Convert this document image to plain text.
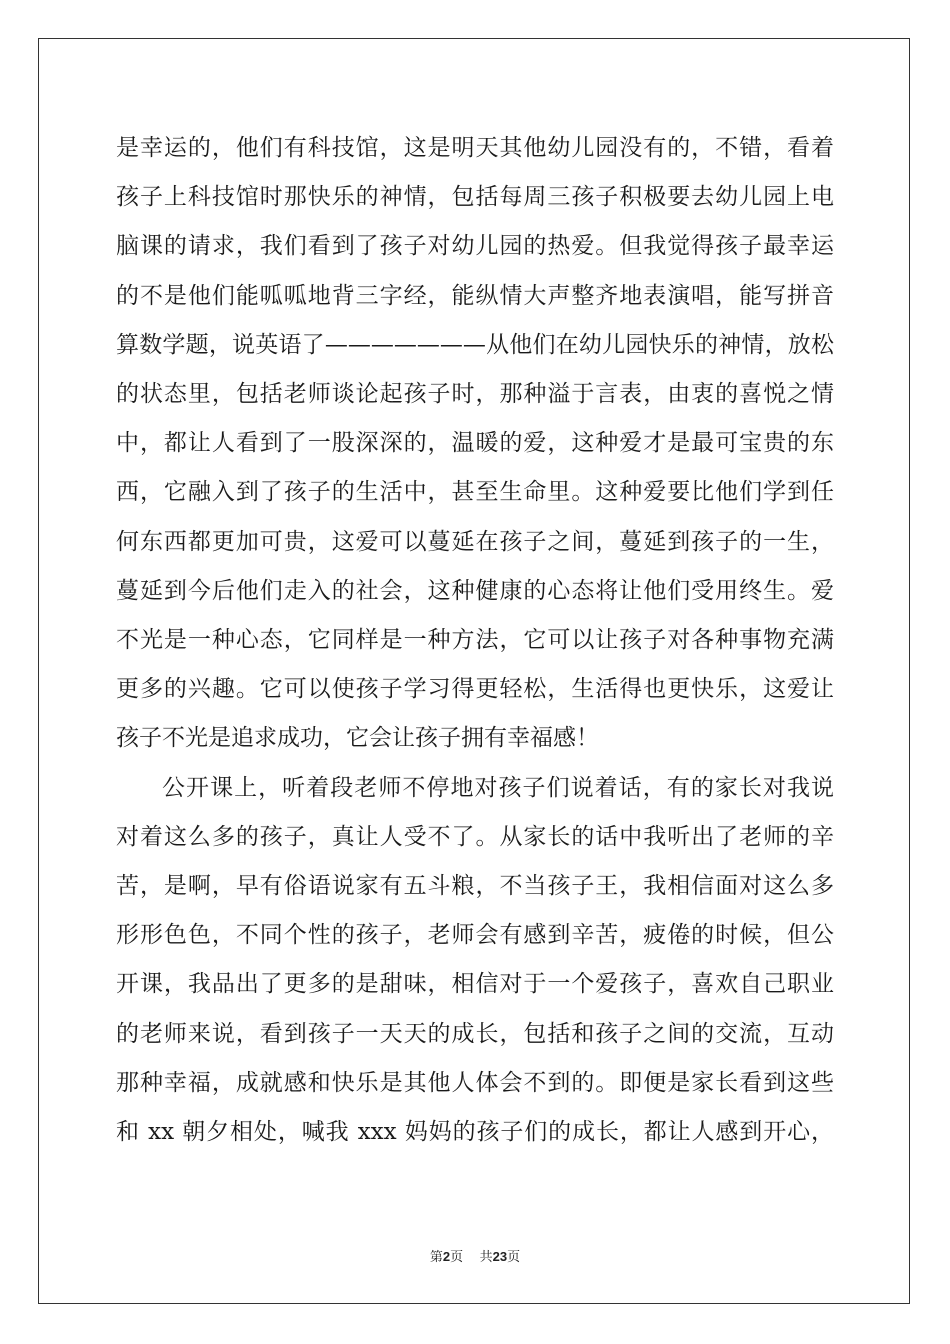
是幸运的，他们有科技馆，这是明天其他幼儿园没有的，不错，看着
孩子上科技馆时那快乐的神情，包括每周三孩子积极要去幼儿园上电
脑课的请求，我们看到了孩子对幼儿园的热爱。但我觉得孩子最幸运
的不是他们能呱呱地背三字经，能纵情大声整齐地表演唱，能写拼音
算数学题，说英语了———————从他们在幼儿园快乐的神情，放松
的状态里，包括老师谈论起孩子时，那种溢于言表，由衷的喜悦之情
中，都让人看到了一股深深的，温暖的爱，这种爱才是最可宝贵的东
西，它融入到了孩子的生活中，甚至生命里。这种爱要比他们学到任
何东西都更加可贵，这爱可以蔓延在孩子之间，蔓延到孩子的一生，
蔓延到今后他们走入的社会，这种健康的心态将让他们受用终生。爱
不光是一种心态，它同样是一种方法，它可以让孩子对各种事物充满
更多的兴趣。它可以使孩子学习得更轻松，生活得也更快乐，这爱让
孩子不光是追求成功，它会让孩子拥有幸福感！
公开课上，听着段老师不停地对孩子们说着话，有的家长对我说
对着这么多的孩子，真让人受不了。从家长的话中我听出了老师的辛
苦，是啊，早有俗语说家有五斗粮，不当孩子王，我相信面对这么多
形形色色，不同个性的孩子，老师会有感到辛苦，疲倦的时候，但公
开课，我品出了更多的是甜味，相信对于一个爱孩子，喜欢自己职业
的老师来说，看到孩子一天天的成长，包括和孩子之间的交流，互动
那种幸福，成就感和快乐是其他人体会不到的。即便是家长看到这些
和 xx 朝夕相处，喊我 xxx 妈妈的孩子们的成长，都让人感到开心，
第2页 共23页
